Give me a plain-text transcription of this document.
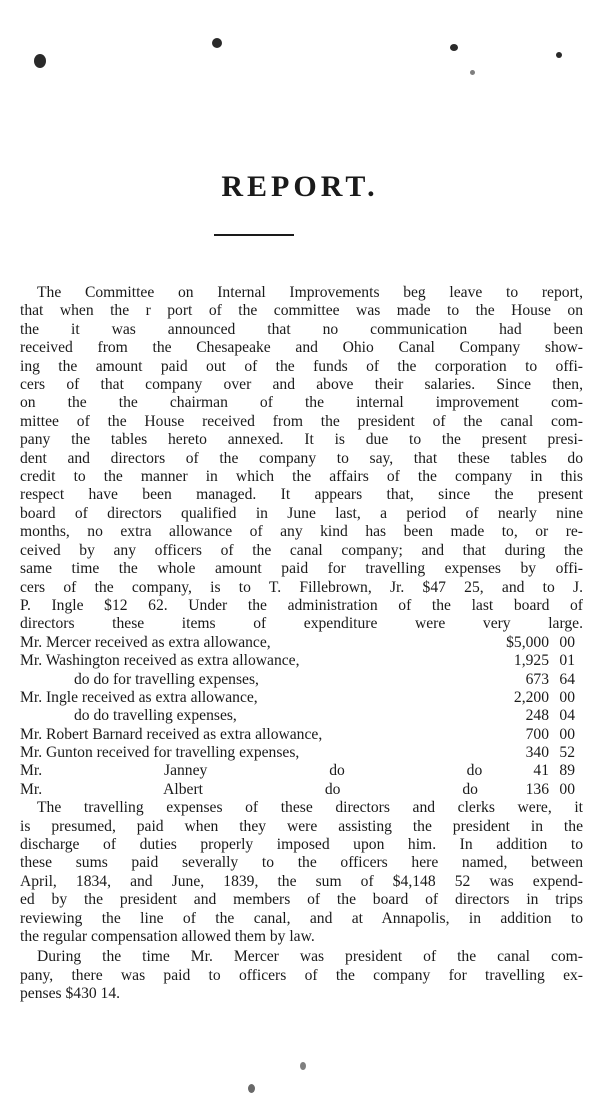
REPORT.
The Committee on Internal Improvements beg leave to report,
that when the r port of the committee was made to the House on
the it was announced that no communication had been
received from the Chesapeake and Ohio Canal Company show-
ing the amount paid out of the funds of the corporation to offi-
cers of that company over and above their salaries. Since then,
on the the chairman of the internal improvement com-
mittee of the House received from the president of the canal com-
pany the tables hereto annexed. It is due to the present presi-
dent and directors of the company to say, that these tables do
credit to the manner in which the affairs of the company in this
respect have been managed. It appears that, since the present
board of directors qualified in June last, a period of nearly nine
months, no extra allowance of any kind has been made to, or re-
ceived by any officers of the canal company; and that during the
same time the whole amount paid for travelling expenses by offi-
cers of the company, is to T. Fillebrown, Jr. $47 25, and to J.
P. Ingle $12 62. Under the administration of the last board of
directors these items of expenditure were very large.
Mr. Mercer received as extra allowance,	$5,000 00
Mr. Washington received as extra allowance,	1,925 01
do do for travelling expenses,	673 64
Mr. Ingle received as extra allowance,	2,200 00
do do travelling expenses,	248 04
Mr. Robert Barnard received as extra allowance,	700 00
Mr. Gunton received for travelling expenses,	340 52
Mr. Janney do do	41 89
Mr. Albert do do	136 00
The travelling expenses of these directors and clerks were, it
is presumed, paid when they were assisting the president in the
discharge of duties properly imposed upon him. In addition to
these sums paid severally to the officers here named, between
April, 1834, and June, 1839, the sum of $4,148 52 was expend-
ed by the president and members of the board of directors in trips
reviewing the line of the canal, and at Annapolis, in addition to
the regular compensation allowed them by law.
During the time Mr. Mercer was president of the canal com-
pany, there was paid to officers of the company for travelling ex-
penses $430 14.
